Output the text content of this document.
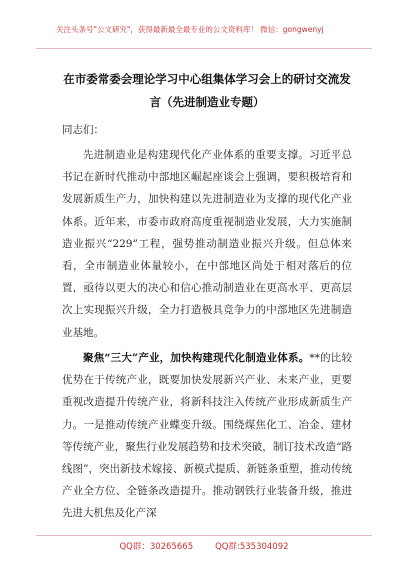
关注头条号"公文研究"，获得最新最全最专业的公文资料库！ 微信：gongwenyj
在市委常委会理论学习中心组集体学习会上的研讨交流发言（先进制造业专题）
同志们：

先进制造业是构建现代化产业体系的重要支撑。习近平总书记在新时代推动中部地区崛起座谈会上强调，要积极培育和发展新质生产力，加快构建以先进制造业为支撑的现代化产业体系。近年来，市委市政府高度重视制造业发展，大力实施制造业振兴“229”工程，强势推动制造业振兴升级。但总体来看，全市制造业体量较小，在中部地区尚处于相对落后的位置，亟待以更大的决心和信心推动制造业在更高水平、更高层次上实现振兴升级，全力打造极具竞争力的中部地区先进制造业基地。

聚焦“三大”产业，加快构建现代化制造业体系。**的比较优势在于传统产业，既要加快发展新兴产业、未来产业，更要重视改造提升传统产业，将新科技注入传统产业形成新质生产力。一是推动传统产业蝶变升级。围绕煤焦化工、冶金、建材等传统产业，聚焦行业发展趋势和技术突破，制订技术改造“路线图”，突出新技术嫁接、新模式提质、新链条重塑，推动传统产业全方位、全链条改造提升。推动钢铁行业装备升级，推进先进大机焦及化产深

QQ群：30265665	QQ群:535304092
